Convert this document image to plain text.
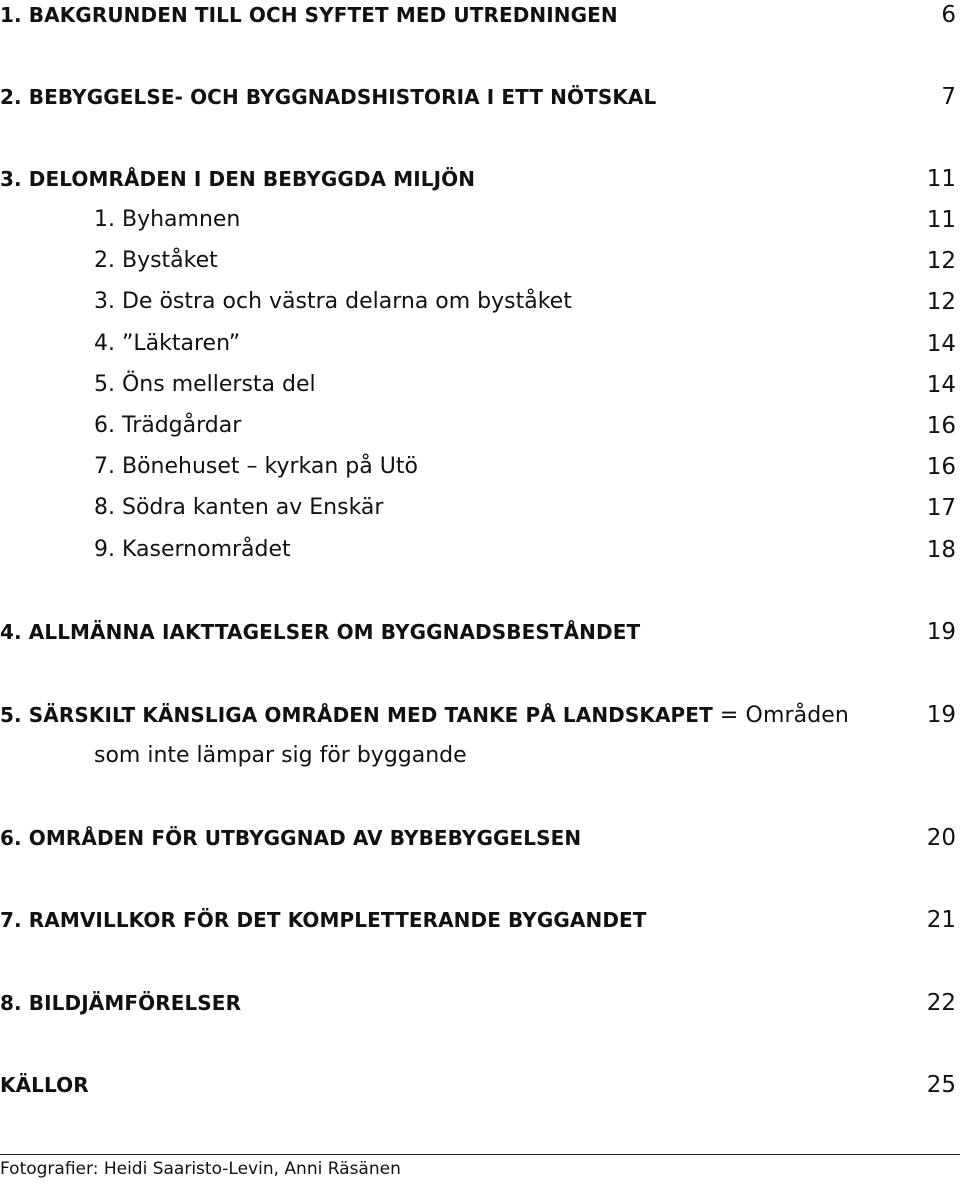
1. BAKGRUNDEN TILL OCH SYFTET MED UTREDNINGEN	6
2. BEBYGGELSE- OCH BYGGNADSHISTORIA I ETT NÖTSKAL	7
3. DELOMRÅDEN I DEN BEBYGGDA MILJÖN	11
1. Byhamnen	11
2. Byståket	12
3. De östra och västra delarna om byståket	12
4. ”Läktaren”	14
5. Öns mellersta del	14
6. Trädgårdar	16
7. Bönehuset – kyrkan på Utö	16
8. Södra kanten av Enskär	17
9. Kasernområdet	18
4. ALLMÄNNA IAKTTAGELSER OM BYGGNADSBESTÅNDET	19
5. SÄRSKILT KÄNSLIGA OMRÅDEN MED TANKE PÅ LANDSKAPET = Områden	19
som inte lämpar sig för byggande
6. OMRÅDEN FÖR UTBYGGNAD AV BYBEBYGGELSEN	20
7. RAMVILLKOR FÖR DET KOMPLETTERANDE BYGGANDET	21
8. BILDJÄMFÖRELSER	22
KÄLLOR	25
Fotografier: Heidi Saaristo-Levin, Anni Räsänen
